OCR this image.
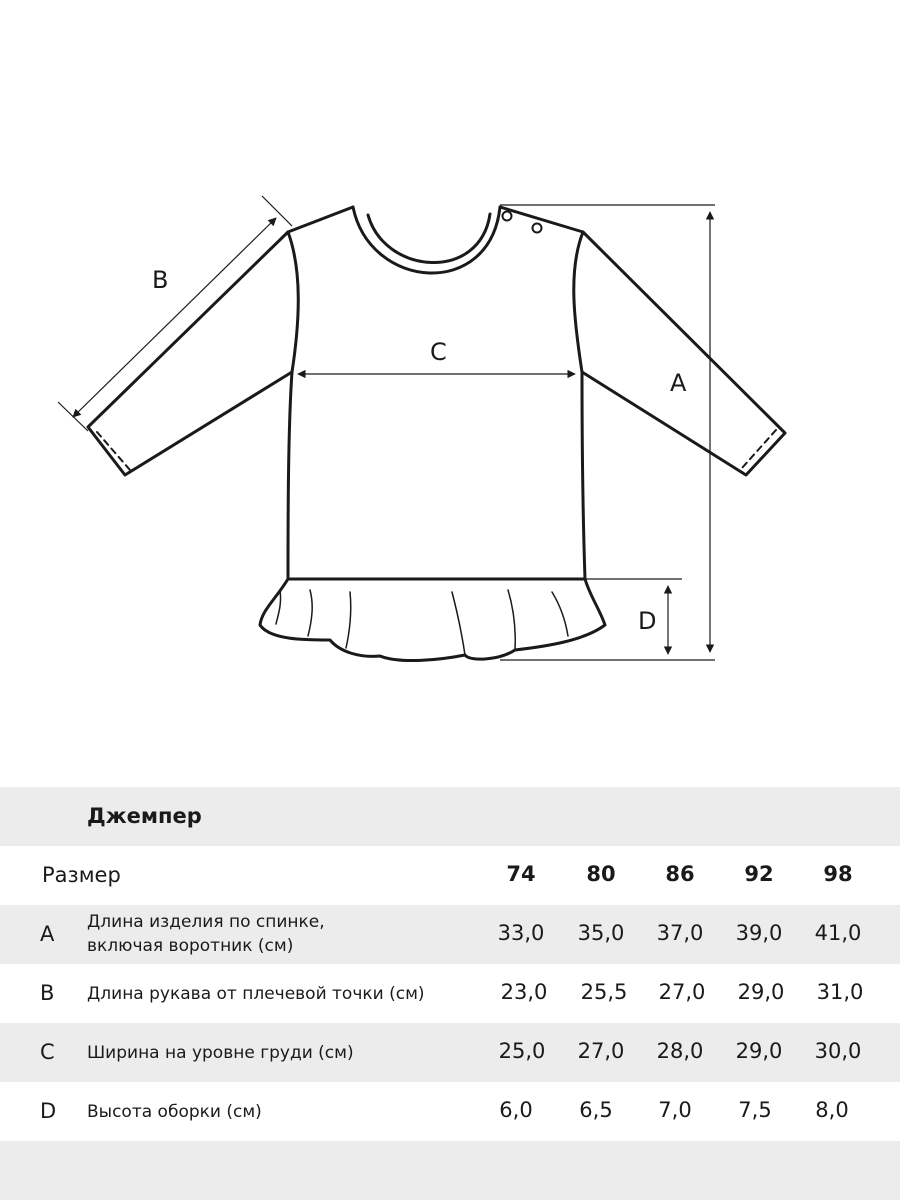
A
B
C
D
Джемпер
Размер	74	80	86	92	98
A Длина изделия по спинке,
включая воротник (см)
33,0	35,0	37,0	39,0	41,0
B Длина рукава от плечевой точки (см)	23,0	25,5	27,0	29,0	31,0
C Ширина на уровне груди (см)	25,0	27,0	28,0	29,0	30,0
D Высота оборки (см)	6,0	6,5	7,0	7,5	8,0
